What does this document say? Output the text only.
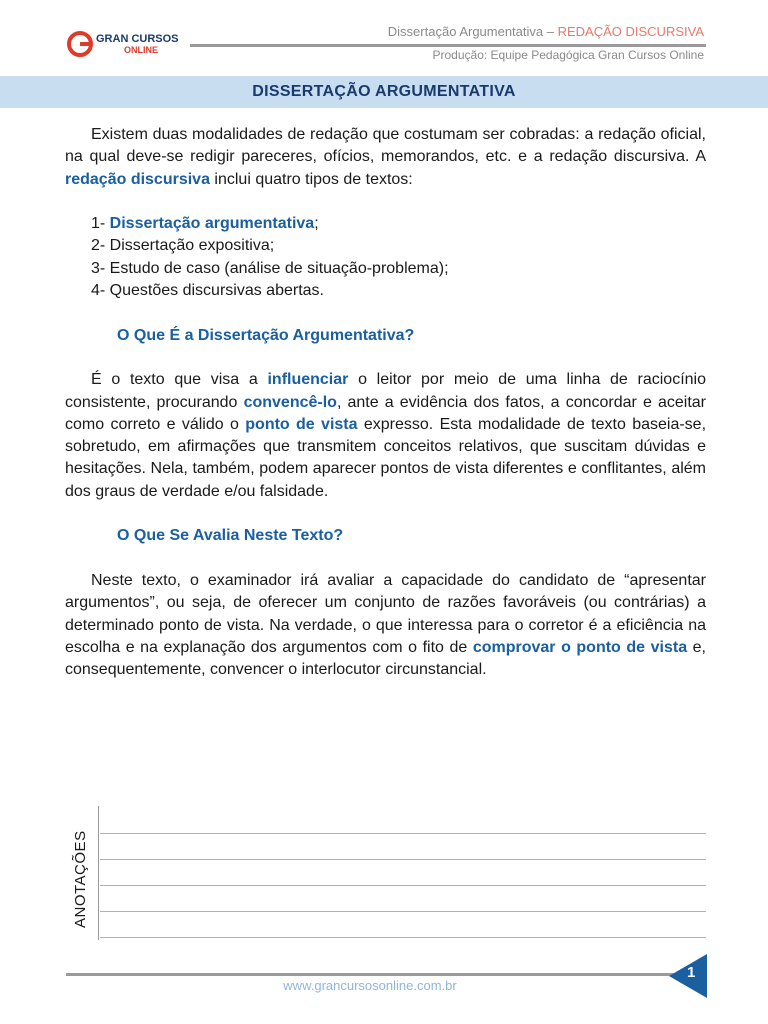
GRAN CURSOS
ONLINE
Dissertação Argumentativa – REDAÇÃO DISCURSIVA
Produção: Equipe Pedagógica Gran Cursos Online
DISSERTAÇÃO ARGUMENTATIVA

Existem duas modalidades de redação que costumam ser cobradas: a redação oficial, na qual deve-se redigir pareceres, ofícios, memorandos, etc. e a redação discursiva. A redação discursiva inclui quatro tipos de textos:

1- Dissertação argumentativa;
2- Dissertação expositiva;
3- Estudo de caso (análise de situação-problema);
4- Questões discursivas abertas.

O Que É a Dissertação Argumentativa?

É o texto que visa a influenciar o leitor por meio de uma linha de raciocínio consistente, procurando convencê-lo, ante a evidência dos fatos, a concordar e aceitar como correto e válido o ponto de vista expresso. Esta modalidade de texto baseia-se, sobretudo, em afirmações que transmitem conceitos relativos, que suscitam dúvidas e hesitações. Nela, também, podem aparecer pontos de vista diferentes e conflitantes, além dos graus de verdade e/ou falsidade.

O Que Se Avalia Neste Texto?

Neste texto, o examinador irá avaliar a capacidade do candidato de “apresentar argumentos”, ou seja, de oferecer um conjunto de razões favoráveis (ou contrárias) a determinado ponto de vista. Na verdade, o que interessa para o corretor é a eficiência na escolha e na explanação dos argumentos com o fito de comprovar o ponto de vista e, consequentemente, convencer o interlocutor circunstancial.

ANOTAÇÕES
www.grancursosonline.com.br
1
